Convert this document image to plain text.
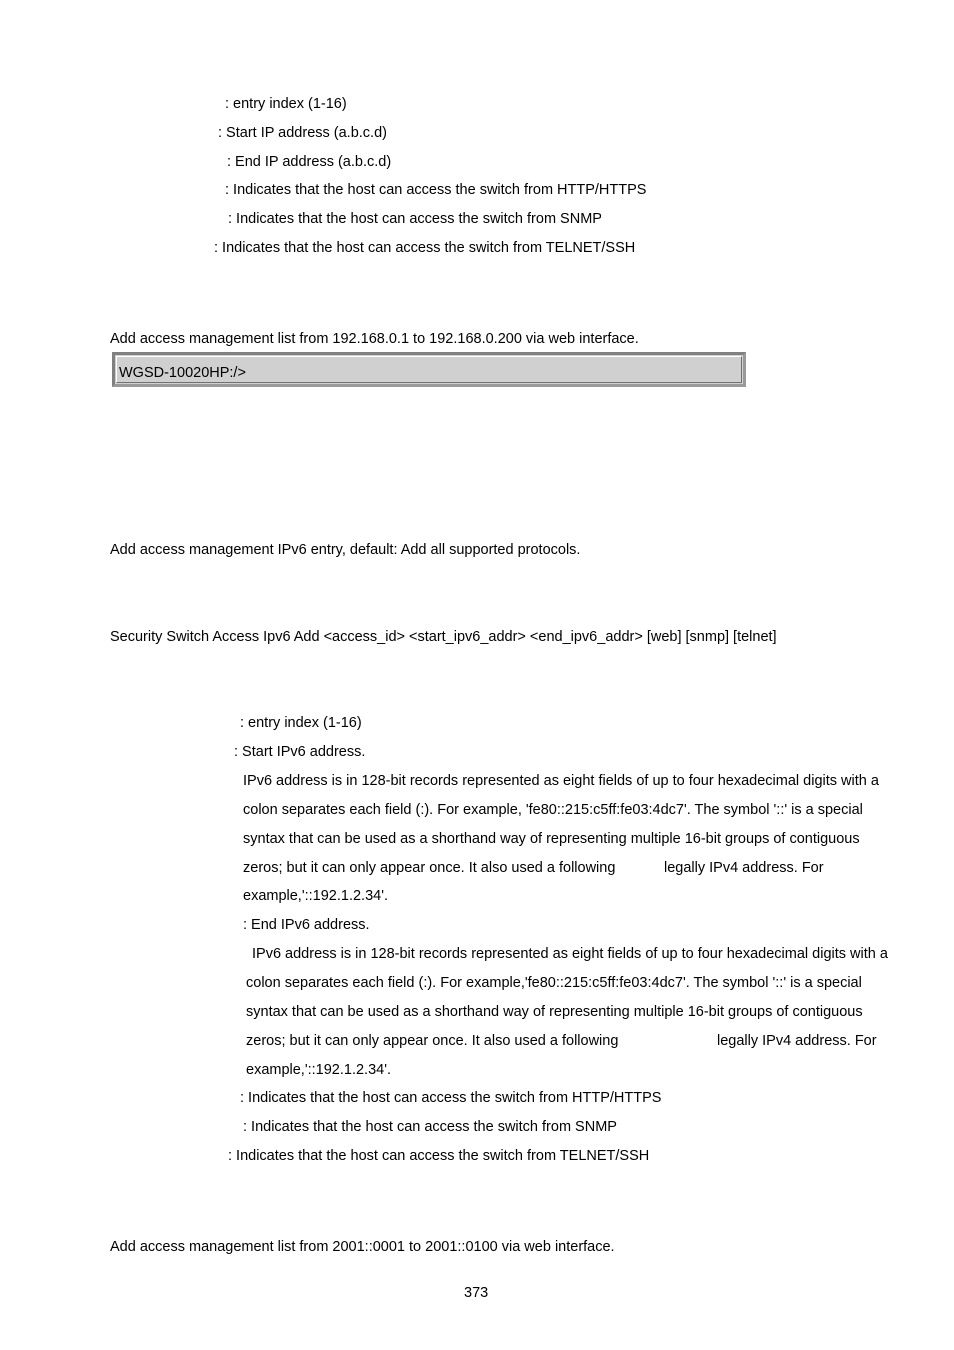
: entry index (1-16)
: Start IP address (a.b.c.d)
: End IP address (a.b.c.d)
: Indicates that the host can access the switch from HTTP/HTTPS
: Indicates that the host can access the switch from SNMP
: Indicates that the host can access the switch from TELNET/SSH
Add access management list from 192.168.0.1 to 192.168.0.200 via web interface.
WGSD-10020HP:/>
Add access management IPv6 entry, default: Add all supported protocols.
Security Switch Access Ipv6 Add <access_id> <start_ipv6_addr> <end_ipv6_addr> [web] [snmp] [telnet]
: entry index (1-16)
: Start IPv6 address.
IPv6 address is in 128-bit records represented as eight fields of up to four hexadecimal digits with a
colon separates each field (:). For example, 'fe80::215:c5ff:fe03:4dc7'. The symbol '::' is a special
syntax that can be used as a shorthand way of representing multiple 16-bit groups of contiguous
zeros; but it can only appear once. It also used a following	legally IPv4 address. For
example,'::192.1.2.34'.
: End IPv6 address.
IPv6 address is in 128-bit records represented as eight fields of up to four hexadecimal digits with a
colon separates each field (:). For example,'fe80::215:c5ff:fe03:4dc7'. The symbol '::' is a special
syntax that can be used as a shorthand way of representing multiple 16-bit groups of contiguous
zeros; but it can only appear once. It also used a following	legally IPv4 address. For
example,'::192.1.2.34'.
: Indicates that the host can access the switch from HTTP/HTTPS
: Indicates that the host can access the switch from SNMP
: Indicates that the host can access the switch from TELNET/SSH
Add access management list from 2001::0001 to 2001::0100 via web interface.
373
